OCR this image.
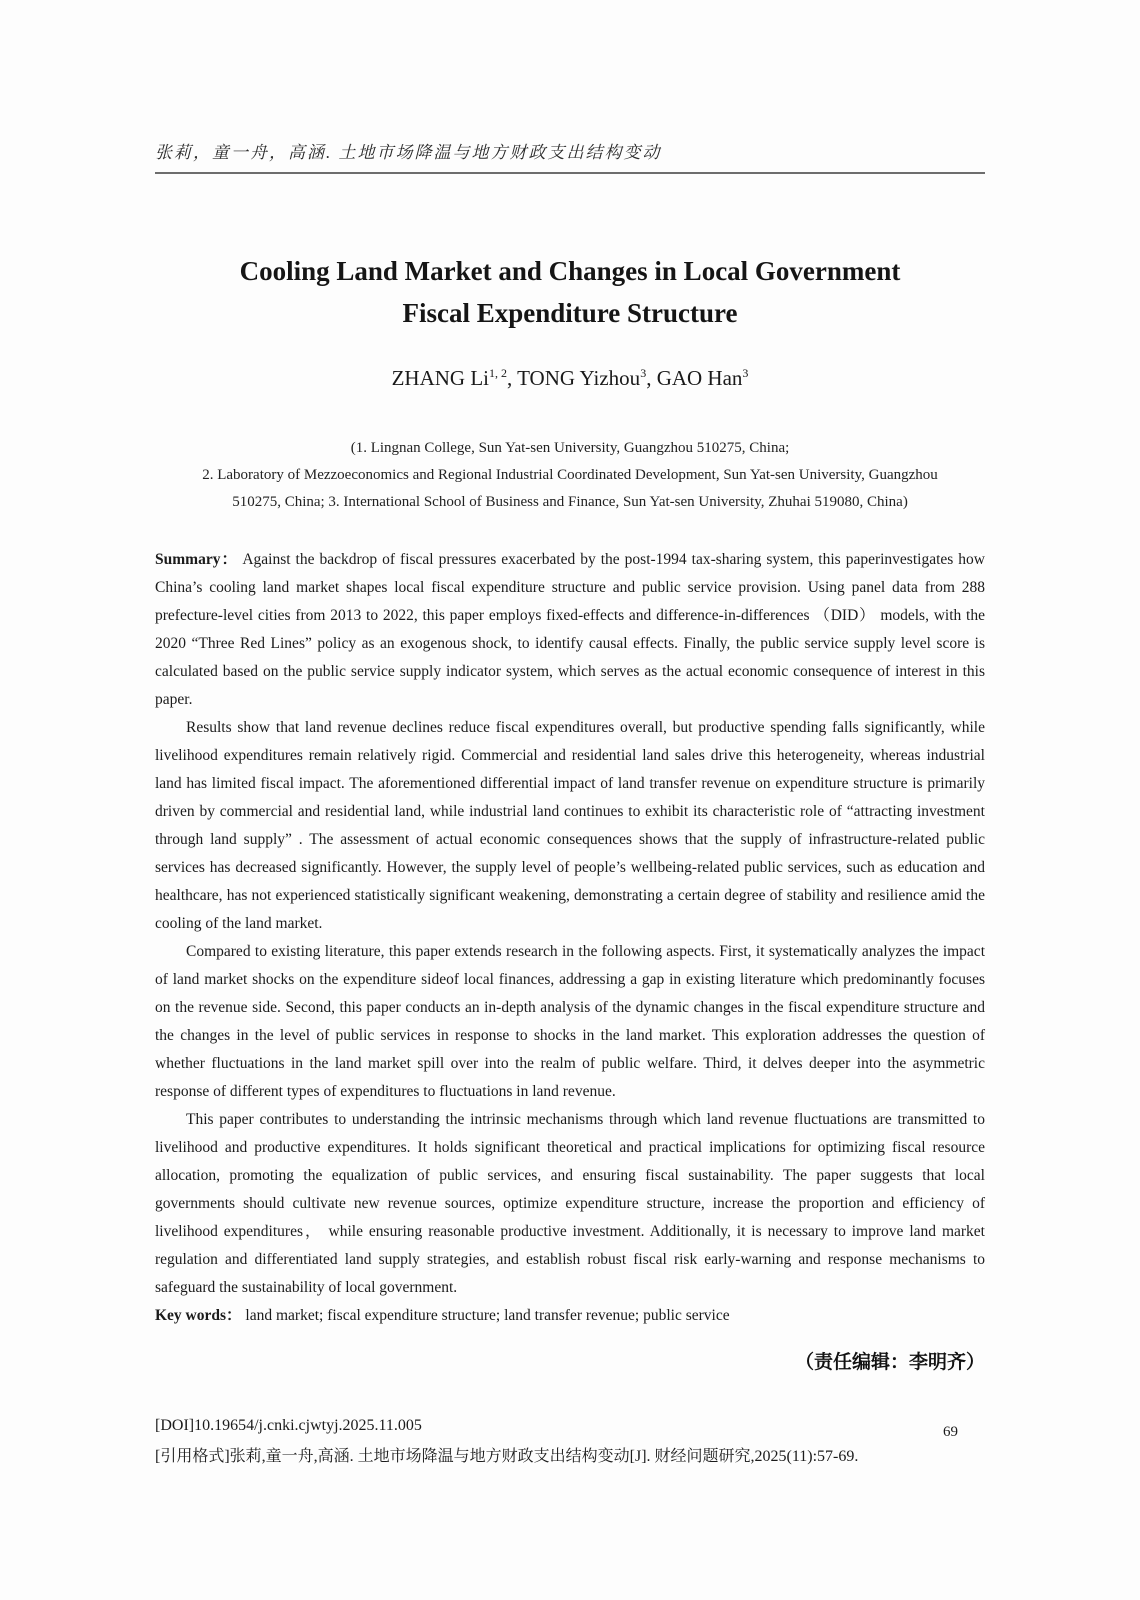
张莉，童一舟，高涵. 土地市场降温与地方财政支出结构变动
Cooling Land Market and Changes in Local Government
Fiscal Expenditure Structure
ZHANG Li$^{1, 2}$, TONG Yizhou$^3$, GAO Han$^3$
(1. Lingnan College, Sun Yat-sen University, Guangzhou 510275, China;
2. Laboratory of Mezzoeconomics and Regional Industrial Coordinated Development, Sun Yat-sen University, Guangzhou
510275, China; 3. International School of Business and Finance, Sun Yat-sen University, Zhuhai 519080, China)

Summary： Against the backdrop of fiscal pressures exacerbated by the post-1994 tax-sharing system, this paperinvestigates how China’s cooling land market shapes local fiscal expenditure structure and public service provision. Using panel data from 288 prefecture-level cities from 2013 to 2022, this paper employs fixed-effects and difference-in-differences （DID） models, with the 2020 “Three Red Lines” policy as an exogenous shock, to identify causal effects. Finally, the public service supply level score is calculated based on the public service supply indicator system, which serves as the actual economic consequence of interest in this paper.

Results show that land revenue declines reduce fiscal expenditures overall, but productive spending falls significantly, while livelihood expenditures remain relatively rigid. Commercial and residential land sales drive this heterogeneity, whereas industrial land has limited fiscal impact. The aforementioned differential impact of land transfer revenue on expenditure structure is primarily driven by commercial and residential land, while industrial land continues to exhibit its characteristic role of “attracting investment through land supply” . The assessment of actual economic consequences shows that the supply of infrastructure-related public services has decreased significantly. However, the supply level of people’s wellbeing-related public services, such as education and healthcare, has not experienced statistically significant weakening, demonstrating a certain degree of stability and resilience amid the cooling of the land market.

Compared to existing literature, this paper extends research in the following aspects. First, it systematically analyzes the impact of land market shocks on the expenditure sideof local finances, addressing a gap in existing literature which predominantly focuses on the revenue side. Second, this paper conducts an in-depth analysis of the dynamic changes in the fiscal expenditure structure and the changes in the level of public services in response to shocks in the land market. This exploration addresses the question of whether fluctuations in the land market spill over into the realm of public welfare. Third, it delves deeper into the asymmetric response of different types of expenditures to fluctuations in land revenue.

This paper contributes to understanding the intrinsic mechanisms through which land revenue fluctuations are transmitted to livelihood and productive expenditures. It holds significant theoretical and practical implications for optimizing fiscal resource allocation, promoting the equalization of public services, and ensuring fiscal sustainability. The paper suggests that local governments should cultivate new revenue sources, optimize expenditure structure, increase the proportion and efficiency of livelihood expenditures， while ensuring reasonable productive investment. Additionally, it is necessary to improve land market regulation and differentiated land supply strategies, and establish robust fiscal risk early-warning and response mechanisms to safeguard the sustainability of local government.

Key words： land market; fiscal expenditure structure; land transfer revenue; public service

（责任编辑：李明齐）
[DOI]10.19654/j.cnki.cjwtyj.2025.11.005
[引用格式]张莉,童一舟,高涵. 土地市场降温与地方财政支出结构变动[J]. 财经问题研究,2025(11):57-69.
69
